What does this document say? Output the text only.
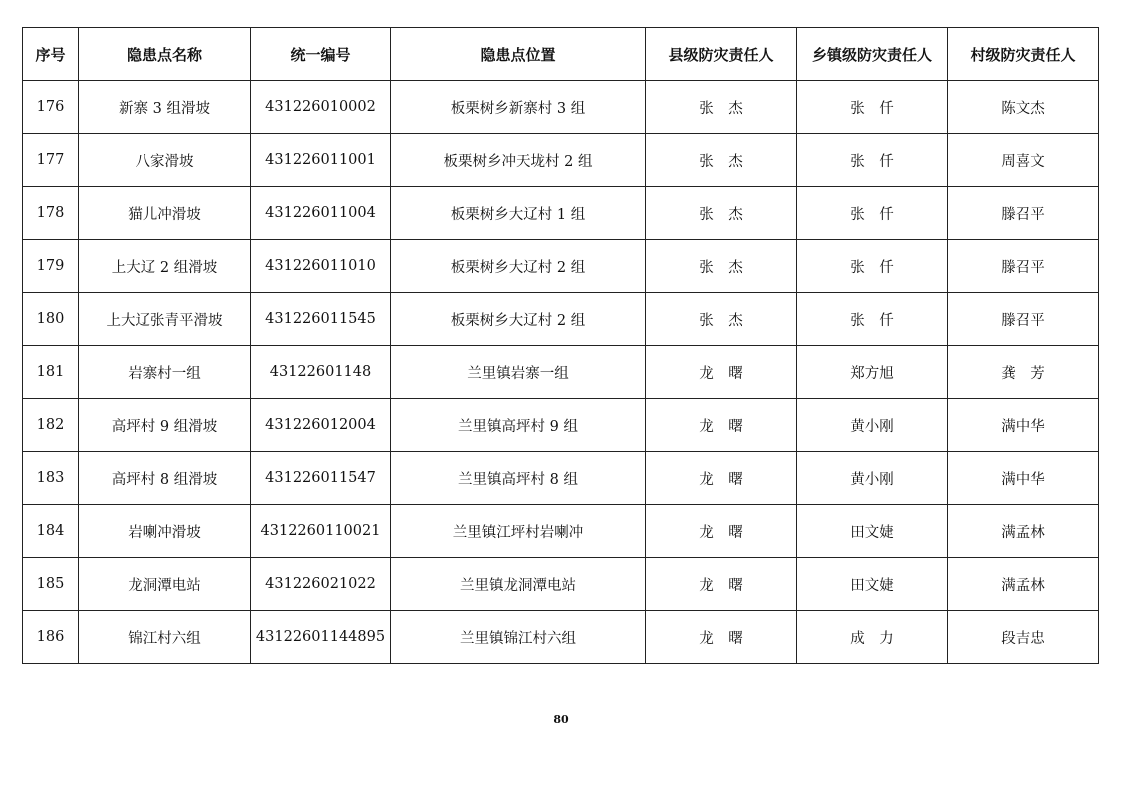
序号	隐患点名称	统一编号	隐患点位置	县级防灾责任人	乡镇级防灾责任人	村级防灾责任人
176	新寨 3 组滑坡	431226010002	板栗树乡新寨村 3 组	张　杰	张　仟	陈文杰
177	八家滑坡	431226011001	板栗树乡冲天垅村 2 组	张　杰	张　仟	周喜文
178	猫儿冲滑坡	431226011004	板栗树乡大辽村 1 组	张　杰	张　仟	滕召平
179	上大辽 2 组滑坡	431226011010	板栗树乡大辽村 2 组	张　杰	张　仟	滕召平
180	上大辽张青平滑坡	431226011545	板栗树乡大辽村 2 组	张　杰	张　仟	滕召平
181	岩寨村一组	43122601148	兰里镇岩寨一组	龙　曙	郑方旭	龚　芳
182	高坪村 9 组滑坡	431226012004	兰里镇高坪村 9 组	龙　曙	黄小刚	满中华
183	高坪村 8 组滑坡	431226011547	兰里镇高坪村 8 组	龙　曙	黄小刚	满中华
184	岩喇冲滑坡	4312260110021	兰里镇江坪村岩喇冲	龙　曙	田文婕	满孟林
185	龙洞潭电站	431226021022	兰里镇龙洞潭电站	龙　曙	田文婕	满孟林
186	锦江村六组	43122601144895	兰里镇锦江村六组	龙　曙	成　力	段吉忠
80
